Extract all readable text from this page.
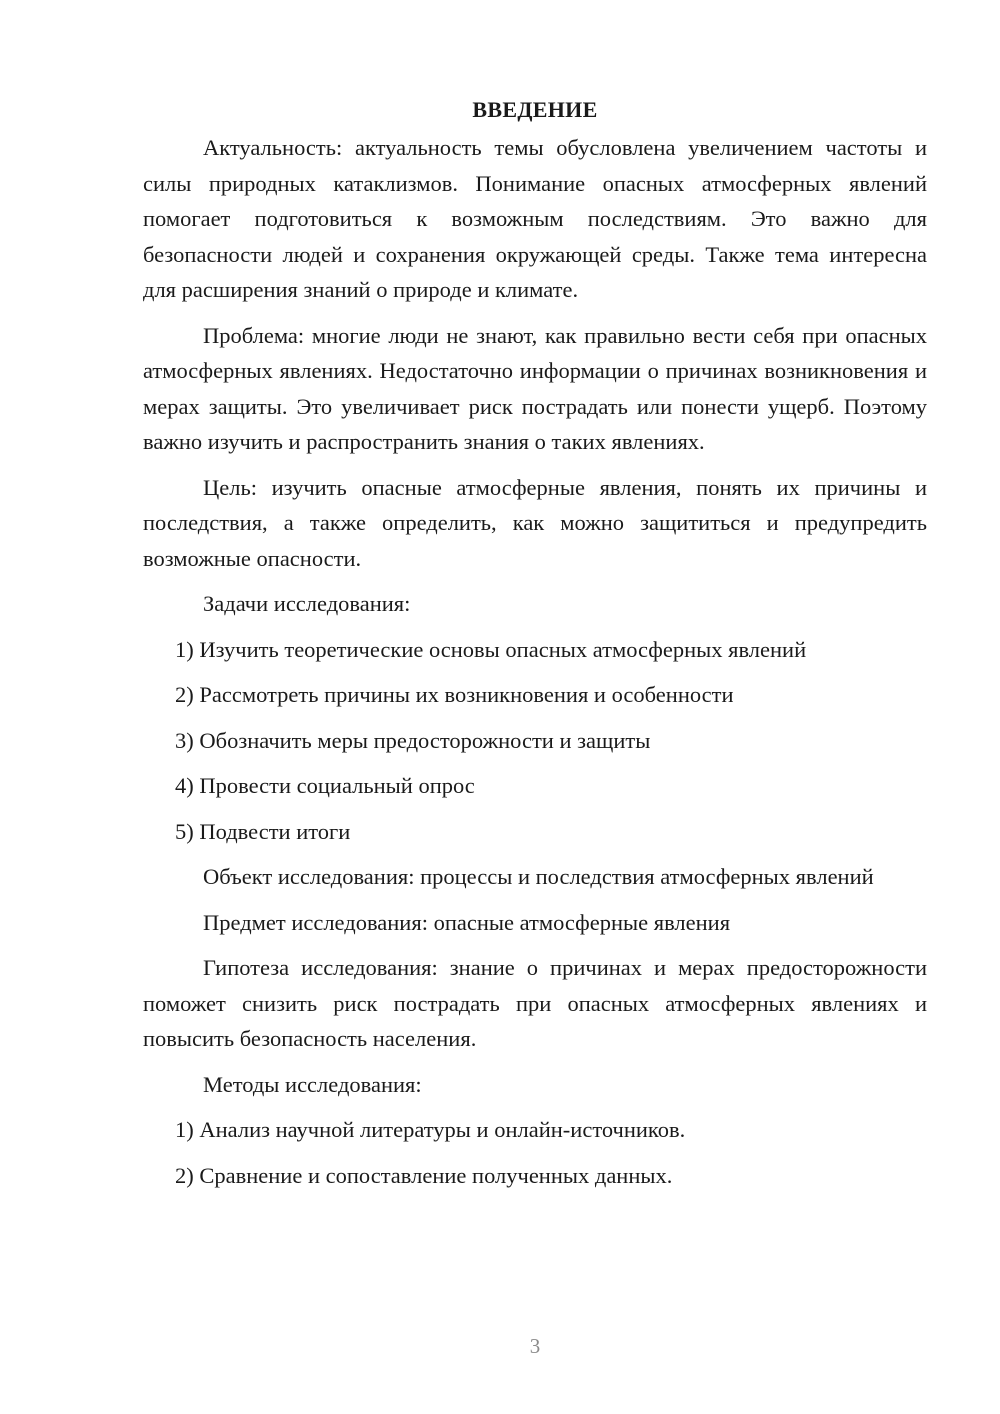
ВВЕДЕНИЕ

Актуальность: актуальность темы обусловлена увеличением частоты и силы природных катаклизмов. Понимание опасных атмосферных явлений помогает подготовиться к возможным последствиям. Это важно для безопасности людей и сохранения окружающей среды. Также тема интересна для расширения знаний о природе и климате.

Проблема: многие люди не знают, как правильно вести себя при опасных атмосферных явлениях. Недостаточно информации о причинах возникновения и мерах защиты. Это увеличивает риск пострадать или понести ущерб. Поэтому важно изучить и распространить знания о таких явлениях.

Цель: изучить опасные атмосферные явления, понять их причины и последствия, а также определить, как можно защититься и предупредить возможные опасности.

Задачи исследования:

1) Изучить теоретические основы опасных атмосферных явлений

2) Рассмотреть причины их возникновения и особенности

3) Обозначить меры предосторожности и защиты

4) Провести социальный опрос

5) Подвести итоги

Объект исследования: процессы и последствия атмосферных явлений

Предмет исследования: опасные атмосферные явления

Гипотеза исследования: знание о причинах и мерах предосторожности поможет снизить риск пострадать при опасных атмосферных явлениях и повысить безопасность населения.

Методы исследования:

1) Анализ научной литературы и онлайн-источников.

2) Сравнение и сопоставление полученных данных.

3
